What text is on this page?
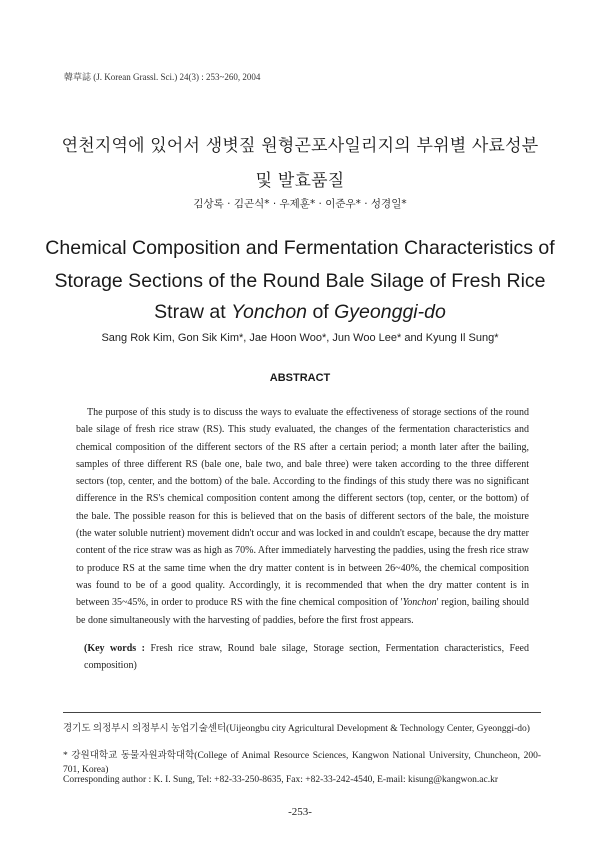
韓草誌 (J. Korean Grassl. Sci.) 24(3) : 253~260, 2004
연천지역에 있어서 생볏짚 원형곤포사일리지의 부위별 사료성분
및 발효품질
김상록 · 김곤식* · 우제훈* · 이준우* · 성경일*
Chemical Composition and Fermentation Characteristics of
Storage Sections of the Round Bale Silage of Fresh Rice
Straw at Yonchon of Gyeonggi-do
Sang Rok Kim, Gon Sik Kim*, Jae Hoon Woo*, Jun Woo Lee* and Kyung Il Sung*
ABSTRACT

The purpose of this study is to discuss the ways to evaluate the effectiveness of storage sections of the round bale silage of fresh rice straw (RS). This study evaluated, the changes of the fermentation characteristics and chemical composition of the different sectors of the RS after a certain period; a month later after the bailing, samples of three different RS (bale one, bale two, and bale three) were taken according to the three different sectors (top, center, and the bottom) of the bale. According to the findings of this study there was no significant difference in the RS's chemical composition content among the different sectors (top, center, or the bottom) of the bale. The possible reason for this is believed that on the basis of different sectors of the bale, the moisture (the water soluble nutrient) movement didn't occur and was locked in and couldn't escape, because the dry matter content of the rice straw was as high as 70%. After immediately harvesting the paddies, using the fresh rice straw to produce RS at the same time when the dry matter content is in between 26~40%, the chemical composition was found to be of a good quality. Accordingly, it is recommended that when the dry matter content is in between 35~45%, in order to produce RS with the fine chemical composition of 'Yonchon' region, bailing should be done simultaneously with the harvesting of paddies, before the first frost appears.

(Key words : Fresh rice straw, Round bale silage, Storage section, Fermentation characteristics, Feed composition)

경기도 의정부시 의정부시 농업기술센터(Uijeongbu city Agricultural Development & Technology Center, Gyeonggi-do)

* 강원대학교 동물자원과학대학(College of Animal Resource Sciences, Kangwon National University, Chuncheon, 200-701, Korea)

Corresponding author : K. I. Sung, Tel: +82-33-250-8635, Fax: +82-33-242-4540, E-mail: kisung@kangwon.ac.kr

-253-
